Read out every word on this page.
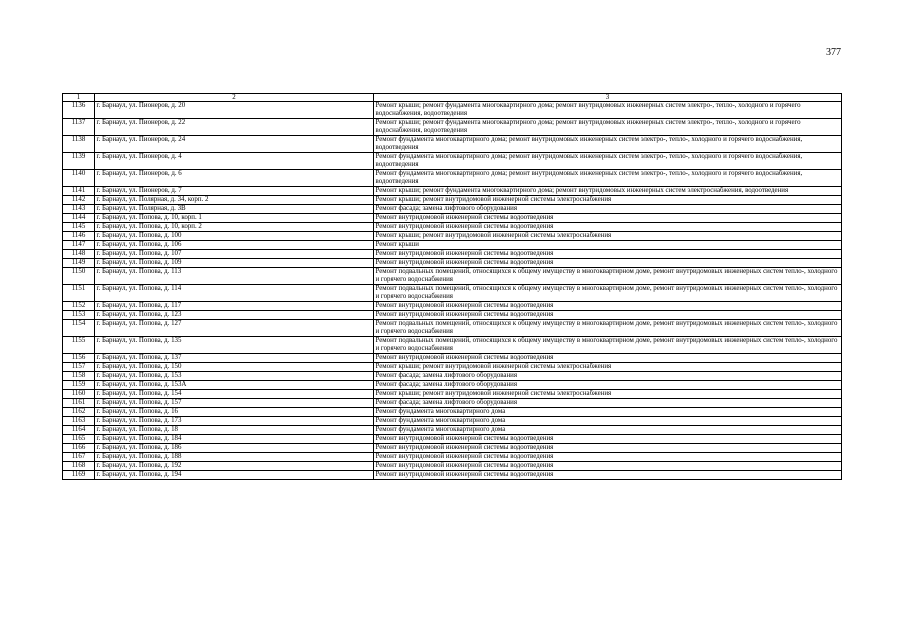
377
1	2	3
1136	г. Барнаул, ул. Пионеров, д. 20	Ремонт крыши; ремонт фундамента многоквартирного дома; ремонт внутридомовых инженерных систем электро-, тепло-, холодного и горячего водоснабжения, водоотведения
1137	г. Барнаул, ул. Пионеров, д. 22	Ремонт крыши; ремонт фундамента многоквартирного дома; ремонт внутридомовых инженерных систем электро-, тепло-, холодного и горячего водоснабжения, водоотведения
1138	г. Барнаул, ул. Пионеров, д. 24	Ремонт фундамента многоквартирного дома; ремонт внутридомовых инженерных систем электро-, тепло-, холодного и горячего водоснабжения, водоотведения
1139	г. Барнаул, ул. Пионеров, д. 4	Ремонт фундамента многоквартирного дома; ремонт внутридомовых инженерных систем электро-, тепло-, холодного и горячего водоснабжения, водоотведения
1140	г. Барнаул, ул. Пионеров, д. 6	Ремонт фундамента многоквартирного дома; ремонт внутридомовых инженерных систем электро-, тепло-, холодного и горячего водоснабжения, водоотведения
1141	г. Барнаул, ул. Пионеров, д. 7	Ремонт крыши; ремонт фундамента многоквартирного дома; ремонт внутридомовых инженерных систем электроснабжения, водоотведения
1142	г. Барнаул, ул. Полярная, д. 34, корп. 2	Ремонт крыши; ремонт внутридомовой инженерной системы электроснабжения
1143	г. Барнаул, ул. Полярная, д. 3В	Ремонт фасада; замена лифтового оборудования
1144	г. Барнаул, ул. Попова, д. 10, корп. 1	Ремонт внутридомовой инженерной системы водоотведения
1145	г. Барнаул, ул. Попова, д. 10, корп. 2	Ремонт внутридомовой инженерной системы водоотведения
1146	г. Барнаул, ул. Попова, д. 100	Ремонт крыши; ремонт внутридомовой инженерной системы электроснабжения
1147	г. Барнаул, ул. Попова, д. 106	Ремонт крыши
1148	г. Барнаул, ул. Попова, д. 107	Ремонт внутридомовой инженерной системы водоотведения
1149	г. Барнаул, ул. Попова, д. 109	Ремонт внутридомовой инженерной системы водоотведения
1150	г. Барнаул, ул. Попова, д. 113	Ремонт подвальных помещений, относящихся к общему имуществу в многоквартирном доме, ремонт внутридомовых инженерных систем тепло-, холодного и горячего водоснабжения
1151	г. Барнаул, ул. Попова, д. 114	Ремонт подвальных помещений, относящихся к общему имуществу в многоквартирном доме, ремонт внутридомовых инженерных систем тепло-, холодного и горячего водоснабжения
1152	г. Барнаул, ул. Попова, д. 117	Ремонт внутридомовой инженерной системы водоотведения
1153	г. Барнаул, ул. Попова, д. 123	Ремонт внутридомовой инженерной системы водоотведения
1154	г. Барнаул, ул. Попова, д. 127	Ремонт подвальных помещений, относящихся к общему имуществу в многоквартирном доме, ремонт внутридомовых инженерных систем тепло-, холодного и горячего водоснабжения
1155	г. Барнаул, ул. Попова, д. 135	Ремонт подвальных помещений, относящихся к общему имуществу в многоквартирном доме, ремонт внутридомовых инженерных систем тепло-, холодного и горячего водоснабжения
1156	г. Барнаул, ул. Попова, д. 137	Ремонт внутридомовой инженерной системы водоотведения
1157	г. Барнаул, ул. Попова, д. 150	Ремонт крыши; ремонт внутридомовой инженерной системы электроснабжения
1158	г. Барнаул, ул. Попова, д. 153	Ремонт фасада; замена лифтового оборудования
1159	г. Барнаул, ул. Попова, д. 153А	Ремонт фасада; замена лифтового оборудования
1160	г. Барнаул, ул. Попова, д. 154	Ремонт крыши; ремонт внутридомовой инженерной системы электроснабжения
1161	г. Барнаул, ул. Попова, д. 157	Ремонт фасада; замена лифтового оборудования
1162	г. Барнаул, ул. Попова, д. 16	Ремонт фундамента многоквартирного дома
1163	г. Барнаул, ул. Попова, д. 173	Ремонт фундамента многоквартирного дома
1164	г. Барнаул, ул. Попова, д. 18	Ремонт фундамента многоквартирного дома
1165	г. Барнаул, ул. Попова, д. 184	Ремонт внутридомовой инженерной системы водоотведения
1166	г. Барнаул, ул. Попова, д. 186	Ремонт внутридомовой инженерной системы водоотведения
1167	г. Барнаул, ул. Попова, д. 188	Ремонт внутридомовой инженерной системы водоотведения
1168	г. Барнаул, ул. Попова, д. 192	Ремонт внутридомовой инженерной системы водоотведения
1169	г. Барнаул, ул. Попова, д. 194	Ремонт внутридомовой инженерной системы водоотведения
